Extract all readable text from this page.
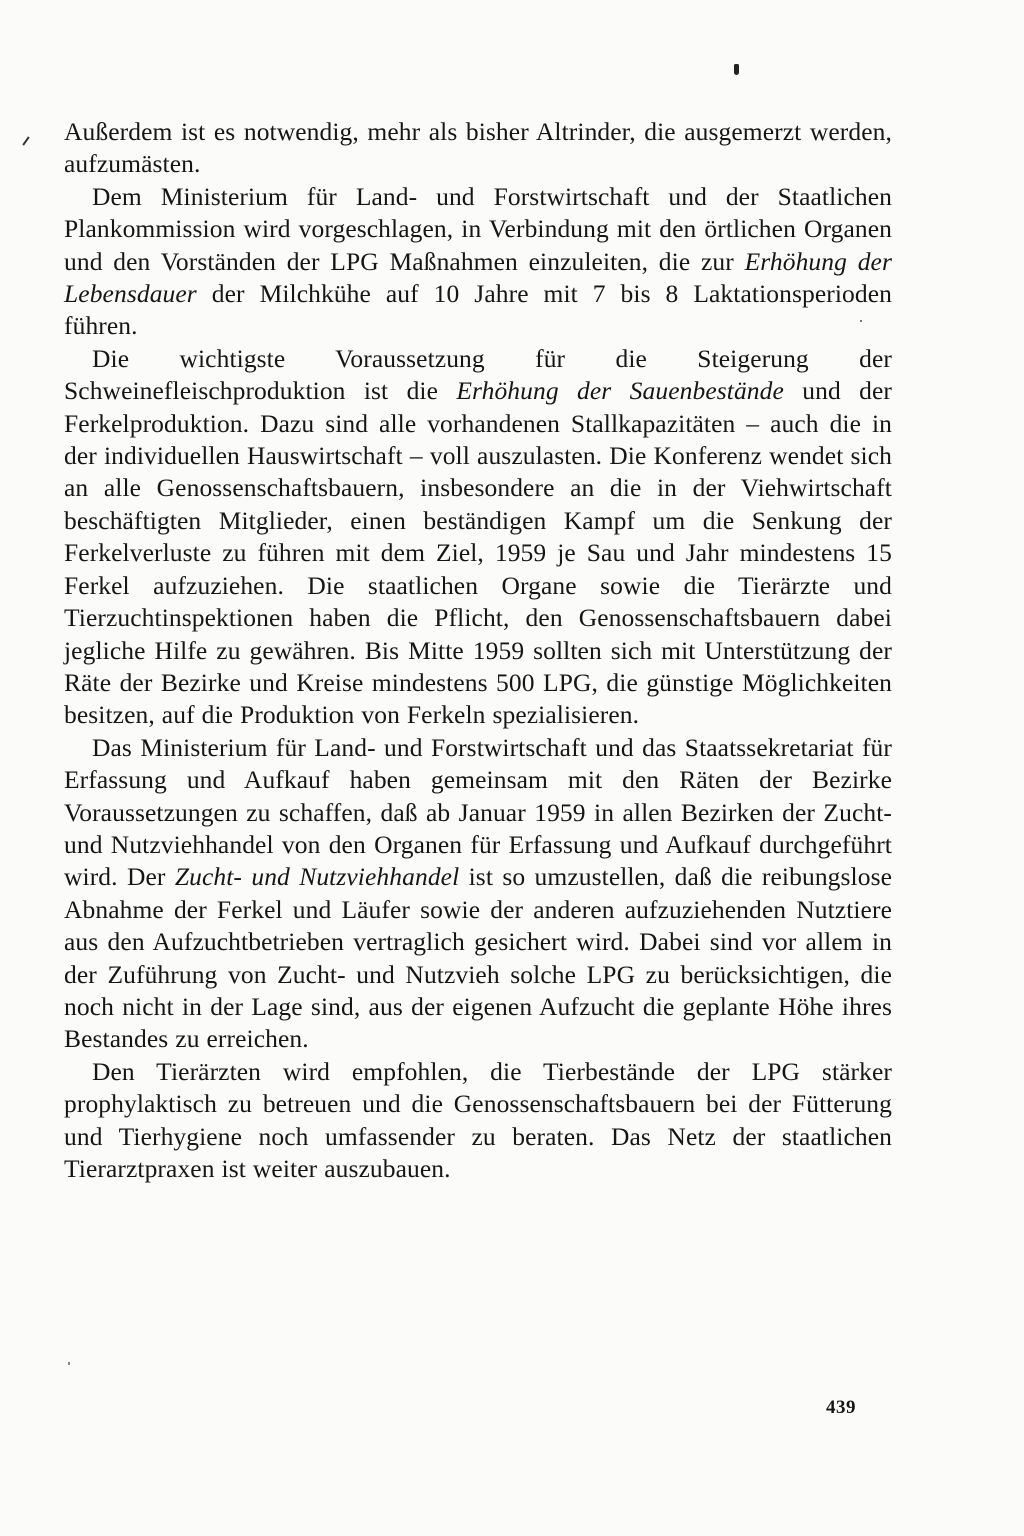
Außerdem ist es notwendig, mehr als bisher Altrinder, die ausgemerzt werden, aufzumästen.

Dem Ministerium für Land- und Forstwirtschaft und der Staatlichen Plankommission wird vorgeschlagen, in Verbindung mit den örtlichen Organen und den Vorständen der LPG Maßnahmen einzuleiten, die zur Erhöhung der Lebensdauer der Milchkühe auf 10 Jahre mit 7 bis 8 Laktationsperioden führen.

Die wichtigste Voraussetzung für die Steigerung der Schweinefleischproduktion ist die Erhöhung der Sauenbestände und der Ferkelproduktion. Dazu sind alle vorhandenen Stallkapazitäten – auch die in der individuellen Hauswirtschaft – voll auszulasten. Die Konferenz wendet sich an alle Genossenschaftsbauern, insbesondere an die in der Viehwirtschaft beschäftigten Mitglieder, einen beständigen Kampf um die Senkung der Ferkelverluste zu führen mit dem Ziel, 1959 je Sau und Jahr mindestens 15 Ferkel aufzuziehen. Die staatlichen Organe sowie die Tierärzte und Tierzuchtinspektionen haben die Pflicht, den Genossenschaftsbauern dabei jegliche Hilfe zu gewähren. Bis Mitte 1959 sollten sich mit Unterstützung der Räte der Bezirke und Kreise mindestens 500 LPG, die günstige Möglichkeiten besitzen, auf die Produktion von Ferkeln spezialisieren.

Das Ministerium für Land- und Forstwirtschaft und das Staatssekretariat für Erfassung und Aufkauf haben gemeinsam mit den Räten der Bezirke Voraussetzungen zu schaffen, daß ab Januar 1959 in allen Bezirken der Zucht- und Nutzviehhandel von den Organen für Erfassung und Aufkauf durchgeführt wird. Der Zucht- und Nutzviehhandel ist so umzustellen, daß die reibungslose Abnahme der Ferkel und Läufer sowie der anderen aufzuziehenden Nutztiere aus den Aufzuchtbetrieben vertraglich gesichert wird. Dabei sind vor allem in der Zuführung von Zucht- und Nutzvieh solche LPG zu berücksichtigen, die noch nicht in der Lage sind, aus der eigenen Aufzucht die geplante Höhe ihres Bestandes zu erreichen.

Den Tierärzten wird empfohlen, die Tierbestände der LPG stärker prophylaktisch zu betreuen und die Genossenschaftsbauern bei der Fütterung und Tierhygiene noch umfassender zu beraten. Das Netz der staatlichen Tierarztpraxen ist weiter auszubauen.

439
